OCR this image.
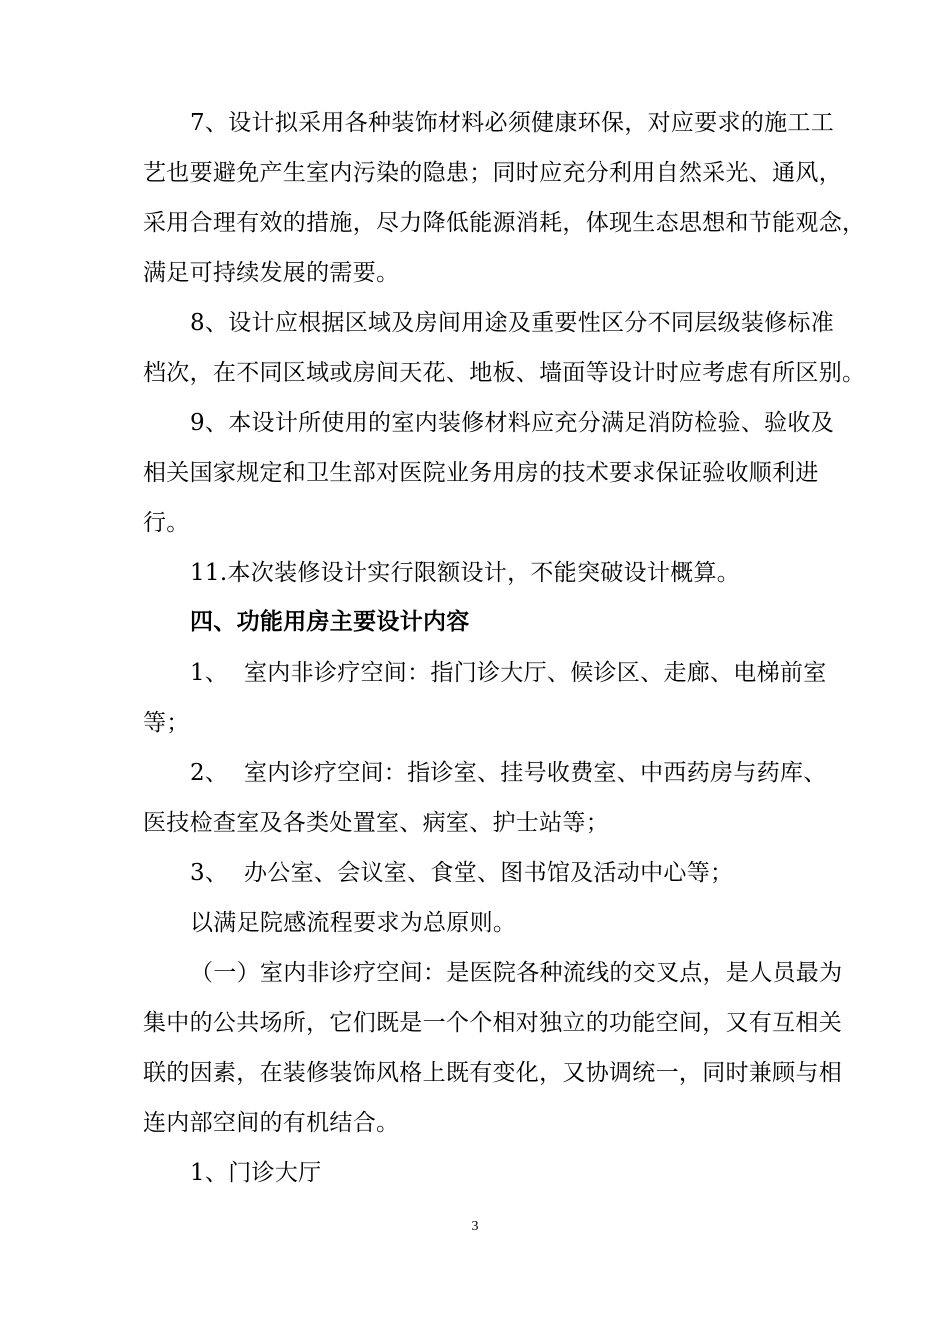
7、设计拟采用各种装饰材料必须健康环保，对应要求的施工工
艺也要避免产生室内污染的隐患；同时应充分利用自然采光、通风，
采用合理有效的措施，尽力降低能源消耗，体现生态思想和节能观念，
满足可持续发展的需要。
8、设计应根据区域及房间用途及重要性区分不同层级装修标准
档次，在不同区域或房间天花、地板、墙面等设计时应考虑有所区别。
9、本设计所使用的室内装修材料应充分满足消防检验、验收及
相关国家规定和卫生部对医院业务用房的技术要求保证验收顺利进
行。
11.本次装修设计实行限额设计，不能突破设计概算。
四、功能用房主要设计内容
1、 室内非诊疗空间：指门诊大厅、候诊区、走廊、电梯前室
等；
2、 室内诊疗空间：指诊室、挂号收费室、中西药房与药库、
医技检查室及各类处置室、病室、护士站等；
3、 办公室、会议室、食堂、图书馆及活动中心等；
以满足院感流程要求为总原则。
（一）室内非诊疗空间：是医院各种流线的交叉点，是人员最为
集中的公共场所，它们既是一个个相对独立的功能空间，又有互相关
联的因素，在装修装饰风格上既有变化，又协调统一，同时兼顾与相
连内部空间的有机结合。
1、门诊大厅
3
